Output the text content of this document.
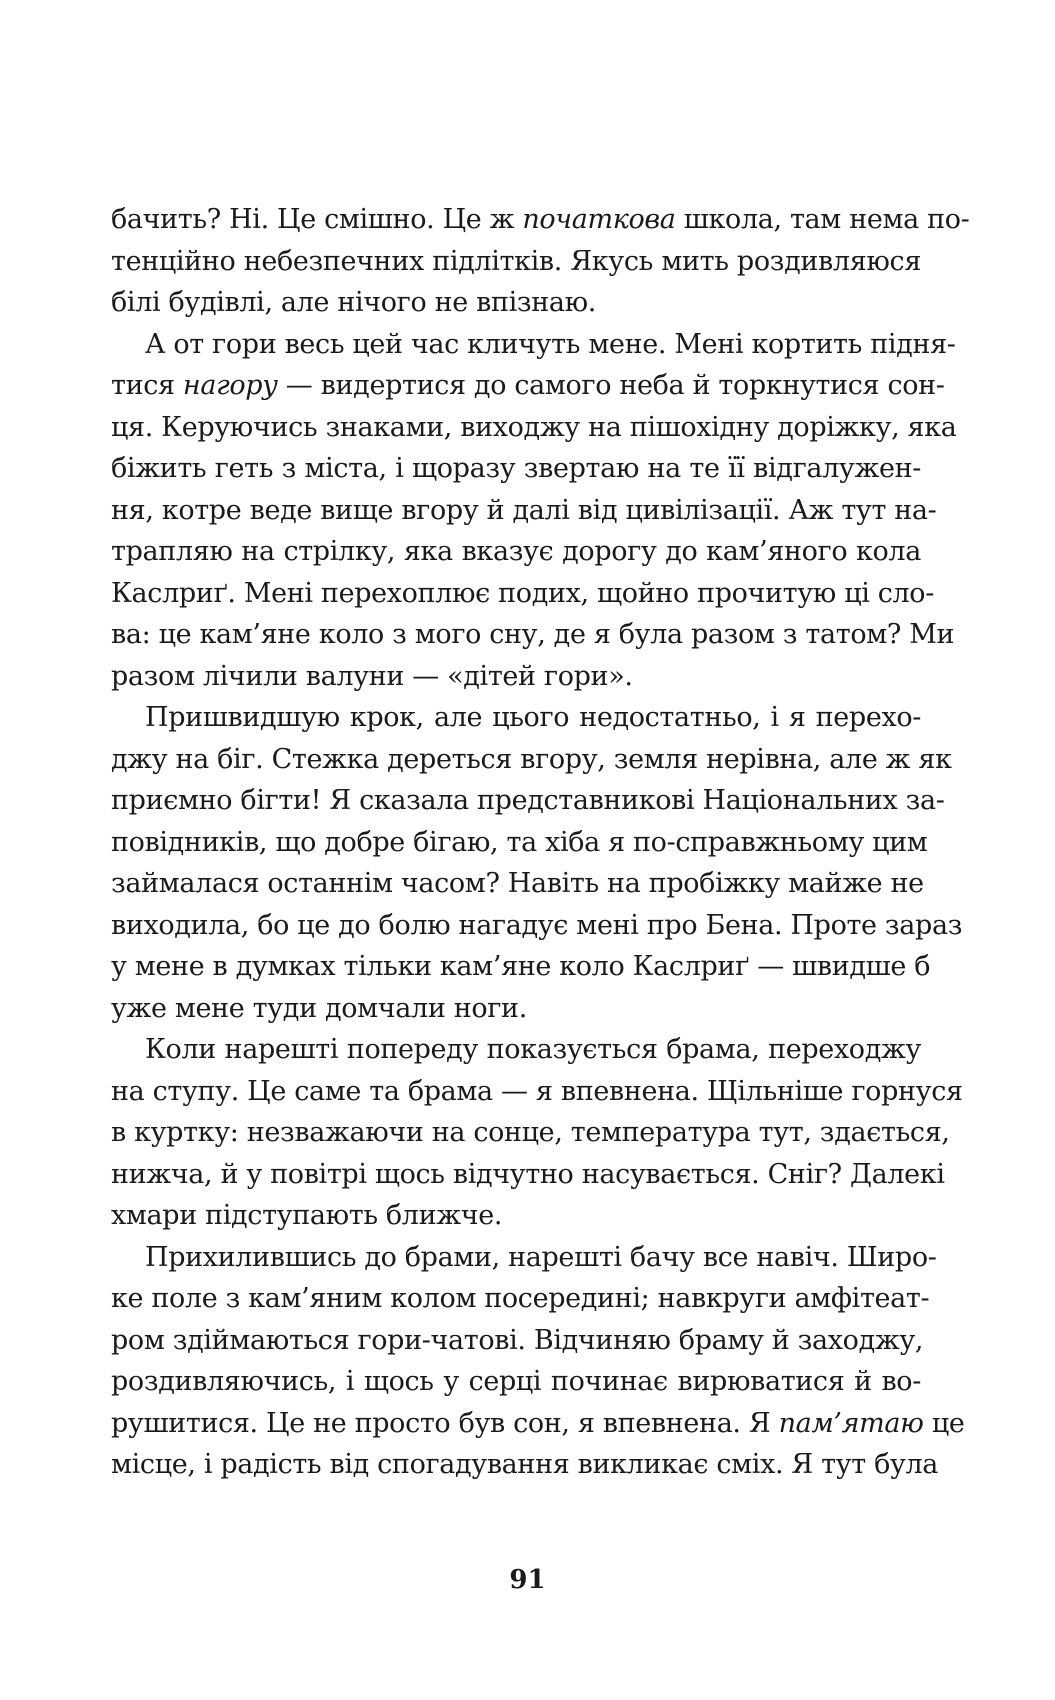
бачить? Ні. Це смішно. Це ж початкова школа, там нема по-
тенційно небезпечних підлітків. Якусь мить роздивляюся
білі будівлі, але нічого не впізнаю.
А от гори весь цей час кличуть мене. Мені кортить підня-
тися нагору — видертися до самого неба й торкнутися сон-
ця. Керуючись знаками, виходжу на пішохідну доріжку, яка
біжить геть з міста, і щоразу звертаю на те її відгалужен-
ня, котре веде вище вгору й далі від цивілізації. Аж тут на-
трапляю на стрілку, яка вказує дорогу до кам’яного кола
Каслриґ. Мені перехоплює подих, щойно прочитую ці сло-
ва: це кам’яне коло з мого сну, де я була разом з татом? Ми
разом лічили валуни — «дітей гори».
Пришвидшую крок, але цього недостатньо, і я перехо-
джу на біг. Стежка дереться вгору, земля нерівна, але ж як
приємно бігти! Я сказала представникові Національних за-
повідників, що добре бігаю, та хіба я по-справжньому цим
займалася останнім часом? Навіть на пробіжку майже не
виходила, бо це до болю нагадує мені про Бена. Проте зараз
у мене в думках тільки кам’яне коло Каслриґ — швидше б
уже мене туди домчали ноги.
Коли нарешті попереду показується брама, переходжу
на ступу. Це саме та брама — я впевнена. Щільніше горнуся
в куртку: незважаючи на сонце, температура тут, здається,
нижча, й у повітрі щось відчутно насувається. Сніг? Далекі
хмари підступають ближче.
Прихилившись до брами, нарешті бачу все навіч. Широ-
ке поле з кам’яним колом посередині; навкруги амфітеат-
ром здіймаються гори-чатові. Відчиняю браму й заходжу,
роздивляючись, і щось у серці починає вирюватися й во-
рушитися. Це не просто був сон, я впевнена. Я пам’ятаю це
місце, і радість від спогадування викликає сміх. Я тут була
91
